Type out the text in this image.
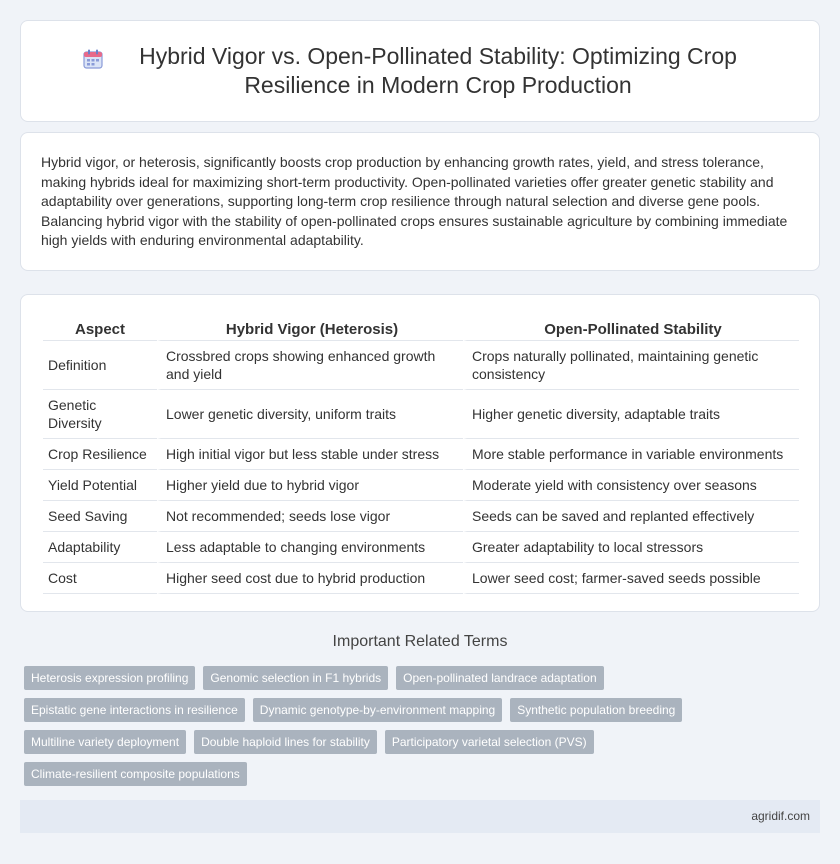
Hybrid Vigor vs. Open-Pollinated Stability: Optimizing Crop Resilience in Modern Crop Production

Hybrid vigor, or heterosis, significantly boosts crop production by enhancing growth rates, yield, and stress tolerance, making hybrids ideal for maximizing short-term productivity. Open-pollinated varieties offer greater genetic stability and adaptability over generations, supporting long-term crop resilience through natural selection and diverse gene pools. Balancing hybrid vigor with the stability of open-pollinated crops ensures sustainable agriculture by combining immediate high yields with enduring environmental adaptability.

Aspect	Hybrid Vigor (Heterosis)	Open-Pollinated Stability
Definition	Crossbred crops showing enhanced growth and yield	Crops naturally pollinated, maintaining genetic consistency
Genetic Diversity	Lower genetic diversity, uniform traits	Higher genetic diversity, adaptable traits
Crop Resilience	High initial vigor but less stable under stress	More stable performance in variable environments
Yield Potential	Higher yield due to hybrid vigor	Moderate yield with consistency over seasons
Seed Saving	Not recommended; seeds lose vigor	Seeds can be saved and replanted effectively
Adaptability	Less adaptable to changing environments	Greater adaptability to local stressors
Cost	Higher seed cost due to hybrid production	Lower seed cost; farmer-saved seeds possible
Important Related Terms
Heterosis expression profiling	Genomic selection in F1 hybrids	Open-pollinated landrace adaptation
Epistatic gene interactions in resilience	Dynamic genotype-by-environment mapping	Synthetic population breeding
Multiline variety deployment	Double haploid lines for stability	Participatory varietal selection (PVS)
Climate-resilient composite populations
agridif.com
